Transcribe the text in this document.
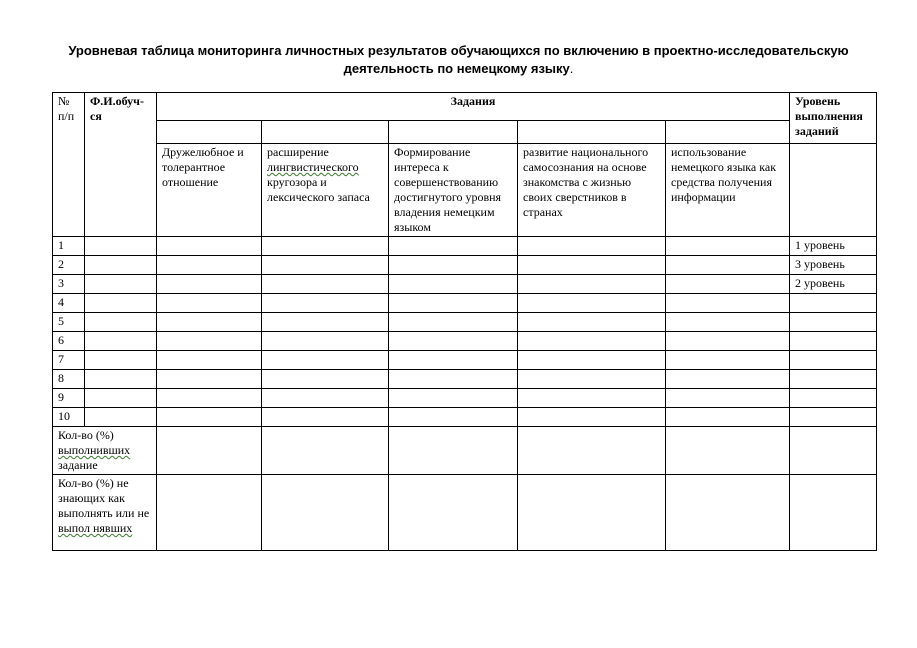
Уровневая таблица мониторинга личностных результатов обучающихся по включению в проектно-исследовательскую
деятельность по немецкому языку.
№ п/п	Ф.И.обуч-ся	Задания					Уровень выполнения заданий

		Дружелюбное и толерантное отношение	расширение лингвистического кругозора и лексического запаса	Формирование интереса к совершенствованию достигнутого уровня владения немецким языком	развитие национального самосознания на основе знакомства с жизнью своих сверстников в странах	использование немецкого языка как средства получения информации	
1							1 уровень
2							3 уровень
3							2 уровень
4							
5							
6							
7							
8							
9							
10							
Кол-во (%) выполнивших задание							
Кол-во (%) не знающих как выполнять или не выпол нявших							
